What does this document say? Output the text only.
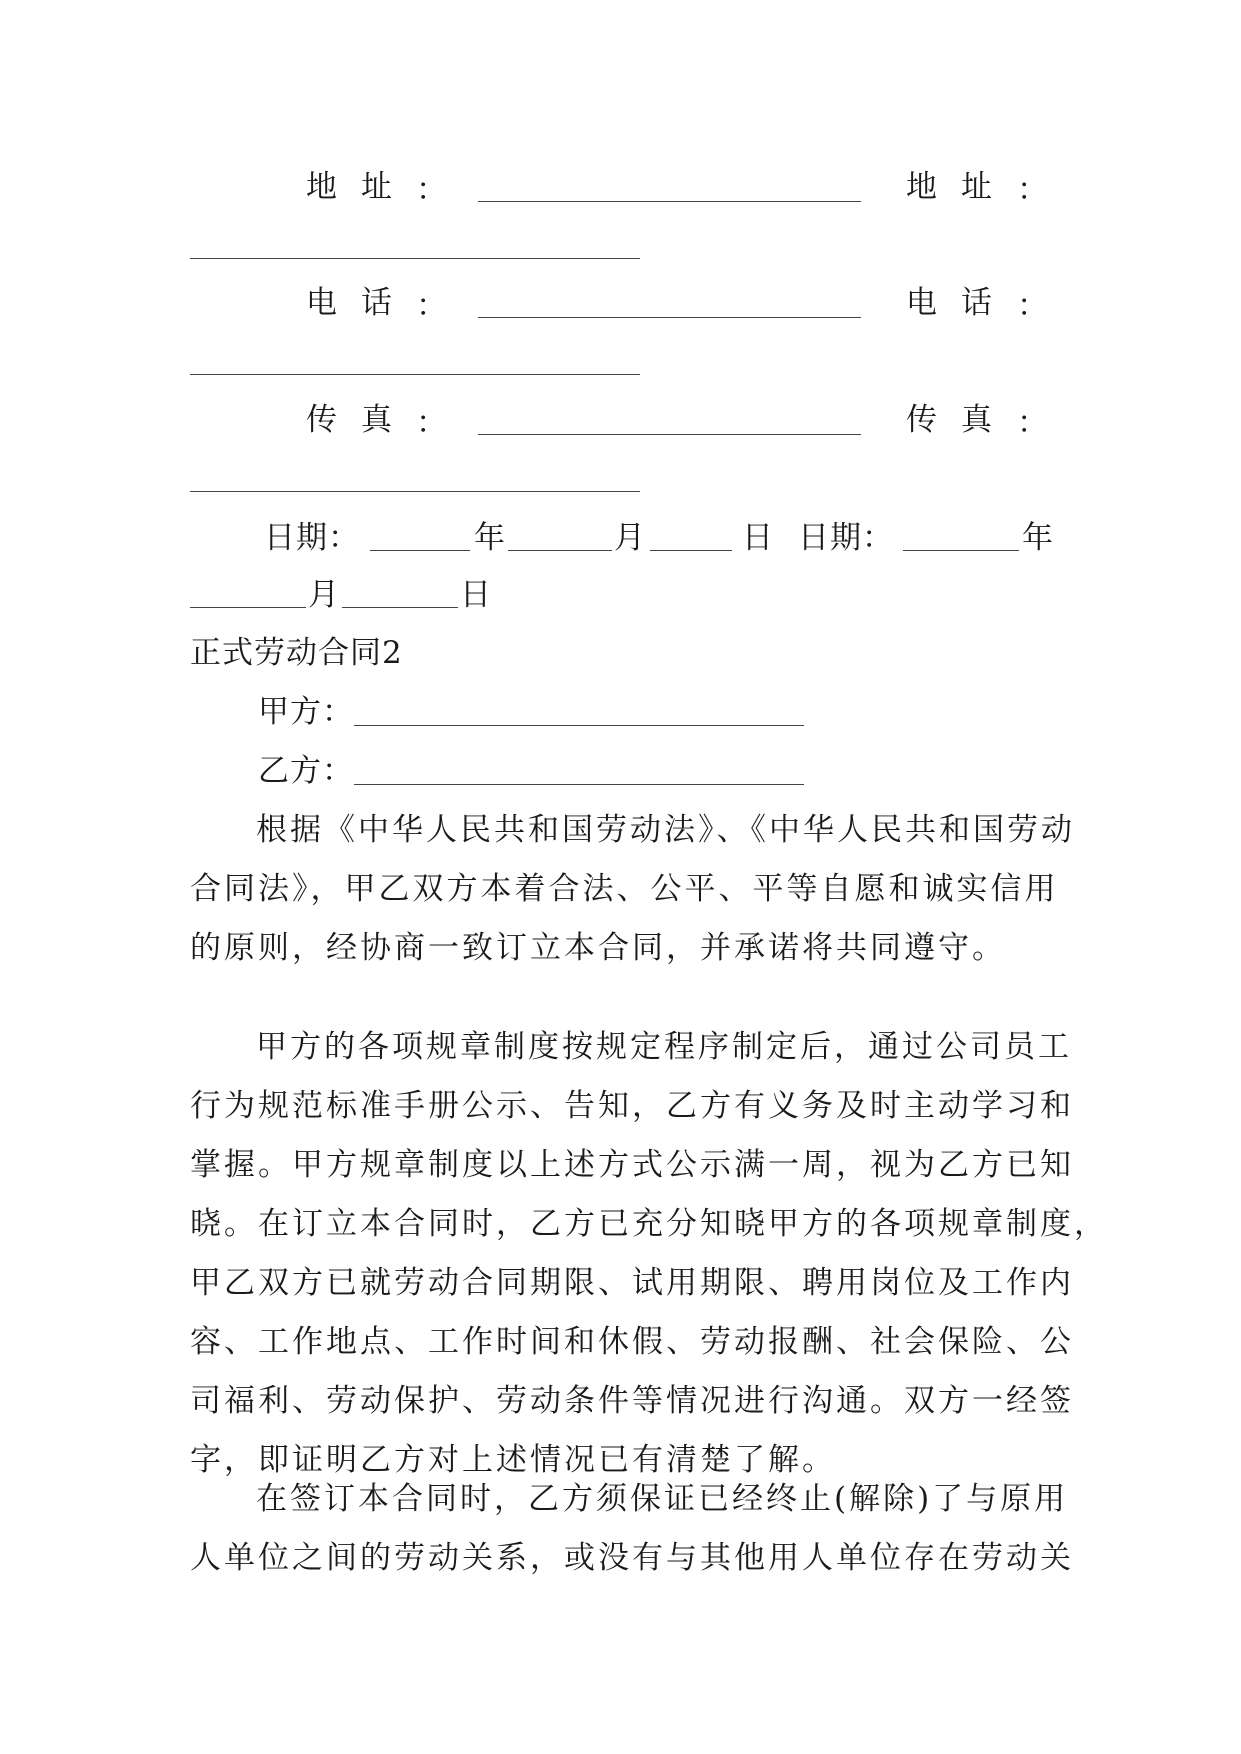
地址 ：	地址 ：
电话 ：	电话 ：
传真 ：	传真 ：
日期：	年	月	日 日期：	年
月	日
正式劳动合同2
甲方：
乙方：
根据《中华人民共和国劳动法》、《中华人民共和国劳动
合同法》，甲乙双方本着合法、公平、平等自愿和诚实信用
的原则，经协商一致订立本合同，并承诺将共同遵守。
甲方的各项规章制度按规定程序制定后，通过公司员工
行为规范标准手册公示、告知，乙方有义务及时主动学习和
掌握。甲方规章制度以上述方式公示满一周，视为乙方已知
晓。在订立本合同时，乙方已充分知晓甲方的各项规章制度，
甲乙双方已就劳动合同期限、试用期限、聘用岗位及工作内
容、工作地点、工作时间和休假、劳动报酬、社会保险、公
司福利、劳动保护、劳动条件等情况进行沟通。双方一经签
字，即证明乙方对上述情况已有清楚了解。
在签订本合同时，乙方须保证已经终止(解除)了与原用
人单位之间的劳动关系，或没有与其他用人单位存在劳动关
